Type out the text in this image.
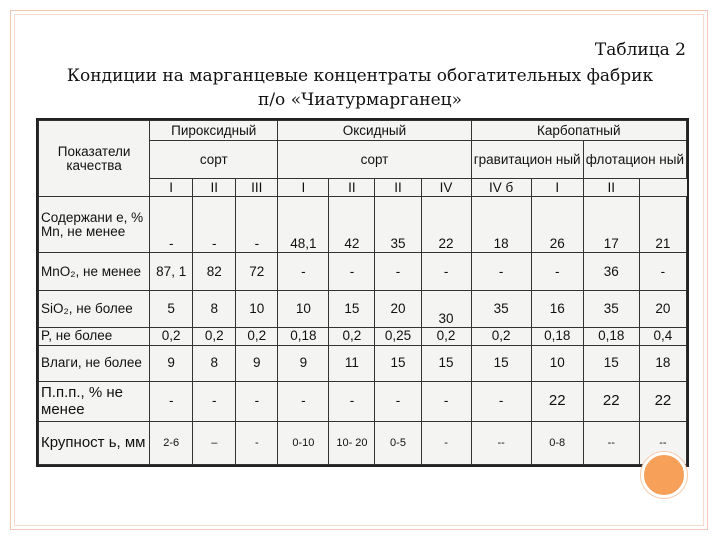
Таблица 2
Кондиции на марганцевые концентраты обогатительных фабрик
п/о «Чиатурмарганец»
Показатели качества	Пироксидный			Оксидный				Карбопатный			
	сорт			сорт				гравитацион ный		флотацион ный	
	I	II	III	I	II	II	IV	IV б	I	II	
Содержани е, % Mn, не менее	-	-	-	48,1	42	35	22	18	26	17	21
MnO₂, не менее	87, 1	82	72	-	-	-	-	-	-	36	-
SiO₂, не более	5	8	10	10	15	20	30	35	16	35	20
P, не более	0,2	0,2	0,2	0,18	0,2	0,25	0,2	0,2	0,18	0,18	0,4
Влаги, не более	9	8	9	9	11	15	15	15	10	15	18
П.п.п., % не менее	-	-	-	-	-	-	-	-	22	22	22
Крупност ь, мм	2-6	–	-	0-10	10- 20	0-5	-	--	0-8	--	--
